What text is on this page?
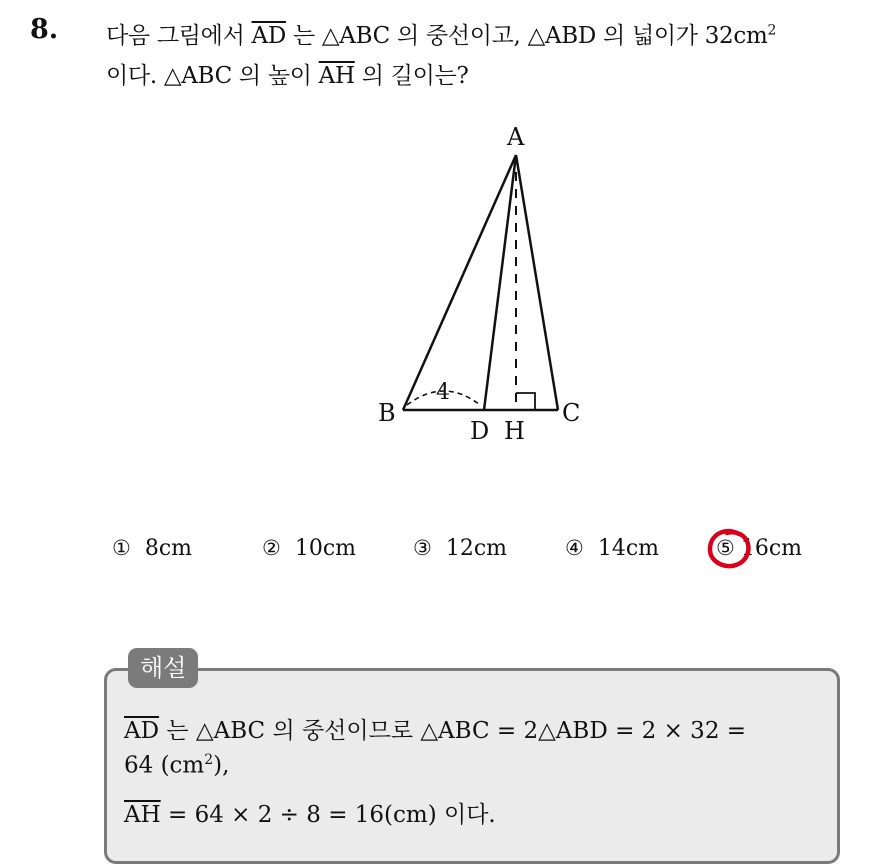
8. 다음 그림에서 $\overline{AD}$ 는 △ABC 의 중선이고, △ABD 의 넓이가 $32cm^2$
이다. △ABC 의 높이 $\overline{AH}$ 의 길이는?
A
B	C
D H
4
① 8cm	② 10cm	③ 12cm	④ 14cm	⑤ 16cm
해설
$\overline{AD}$ 는 △ABC 의 중선이므로 △ABC = 2△ABD = 2 × 32 =
64 $(cm^2)$,
$\overline{AH} = 64 \times 2 \div 8 = 16(cm)$ 이다.
